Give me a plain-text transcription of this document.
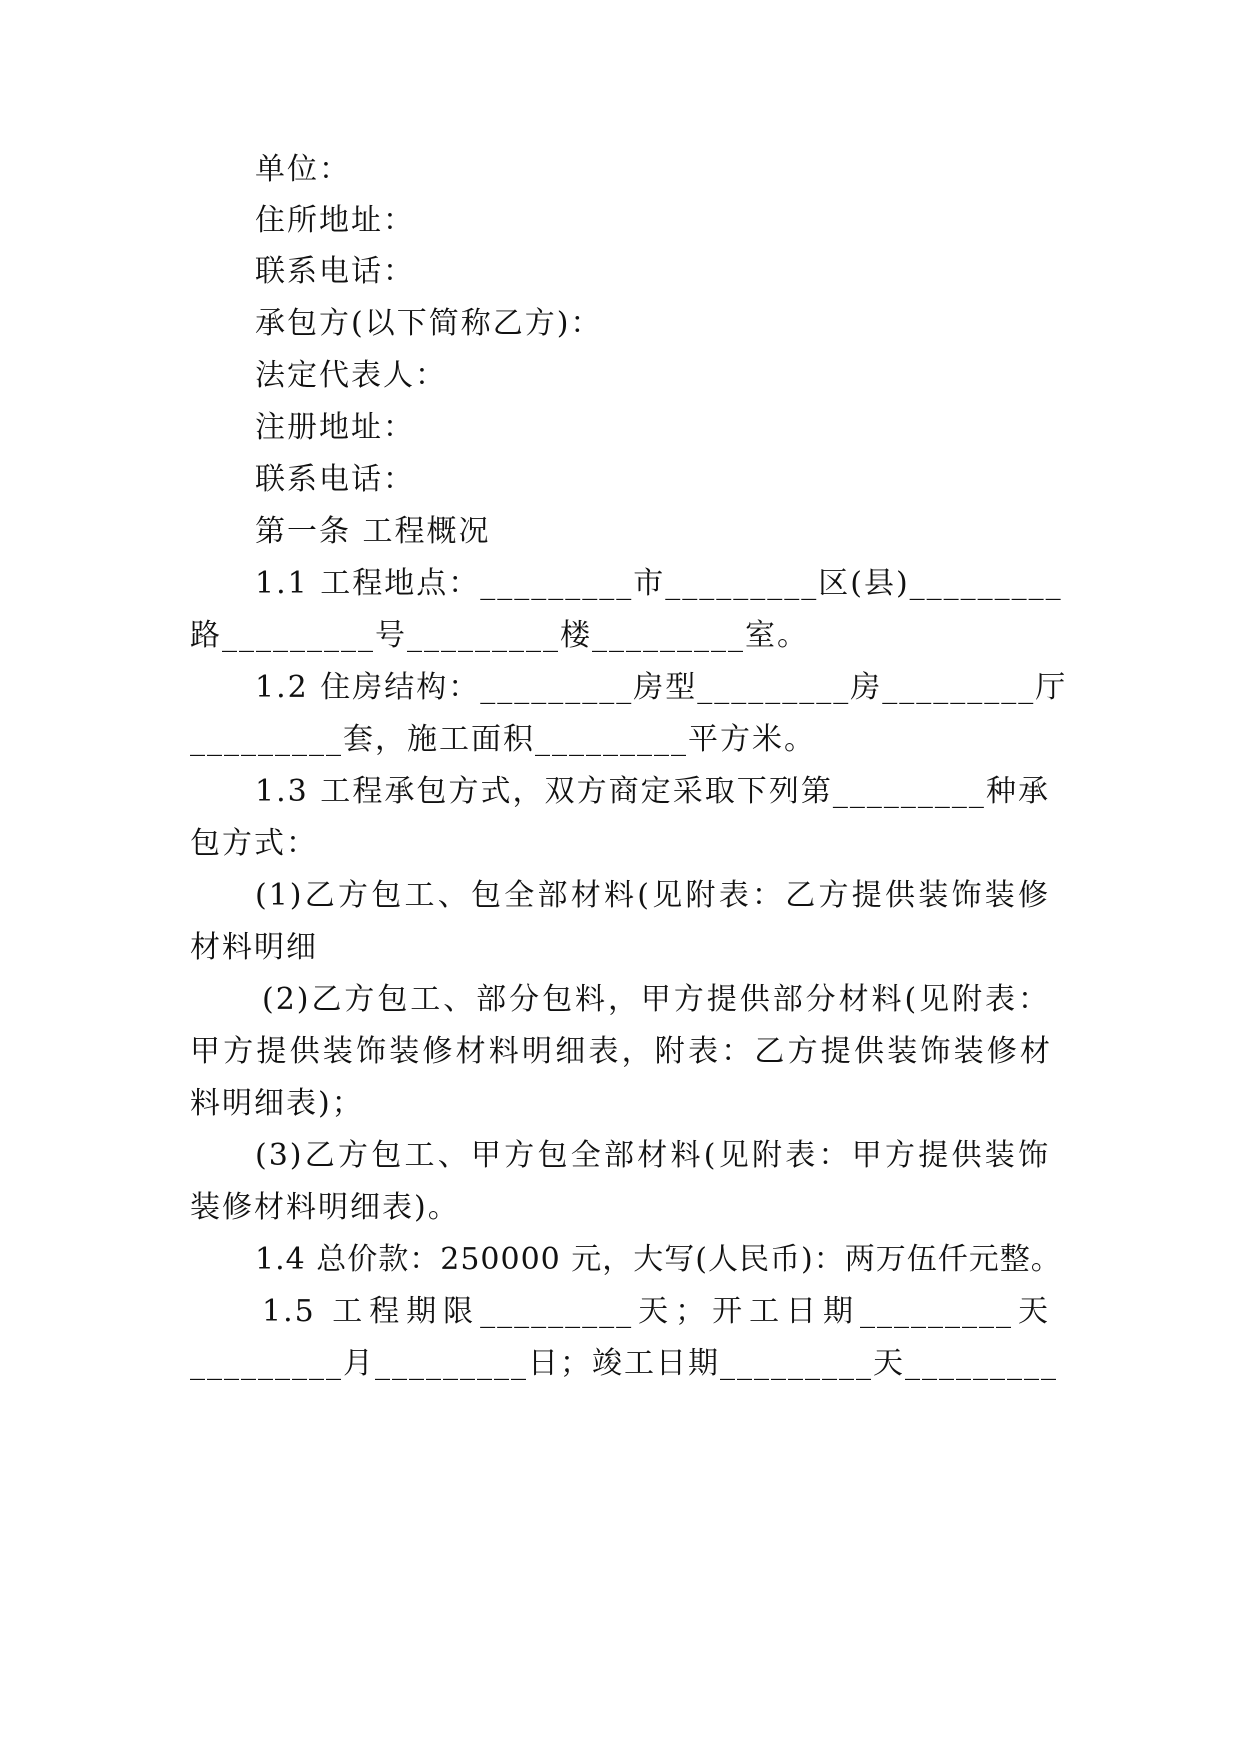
单位：
住所地址：
联系电话：
承包方(以下简称乙方)：
法定代表人：
注册地址：
联系电话：
第一条 工程概况
1.1 工程地点：_________市_________区(县)_________
路_________号_________楼_________室。
1.2 住房结构：_________房型_________房_________厅
_________套，施工面积_________平方米。
1.3 工程承包方式，双方商定采取下列第_________种承
包方式：
(1)乙方包工、包全部材料(见附表：乙方提供装饰装修
材料明细
(2)乙方包工、部分包料，甲方提供部分材料(见附表：
甲方提供装饰装修材料明细表，附表：乙方提供装饰装修材
料明细表)；
(3)乙方包工、甲方包全部材料(见附表：甲方提供装饰
装修材料明细表)。
1.4 总价款：250000 元，大写(人民币)：两万伍仟元整。
1.5 工程期限_________天；开工日期_________天
_________月_________日；竣工日期_________天_________
